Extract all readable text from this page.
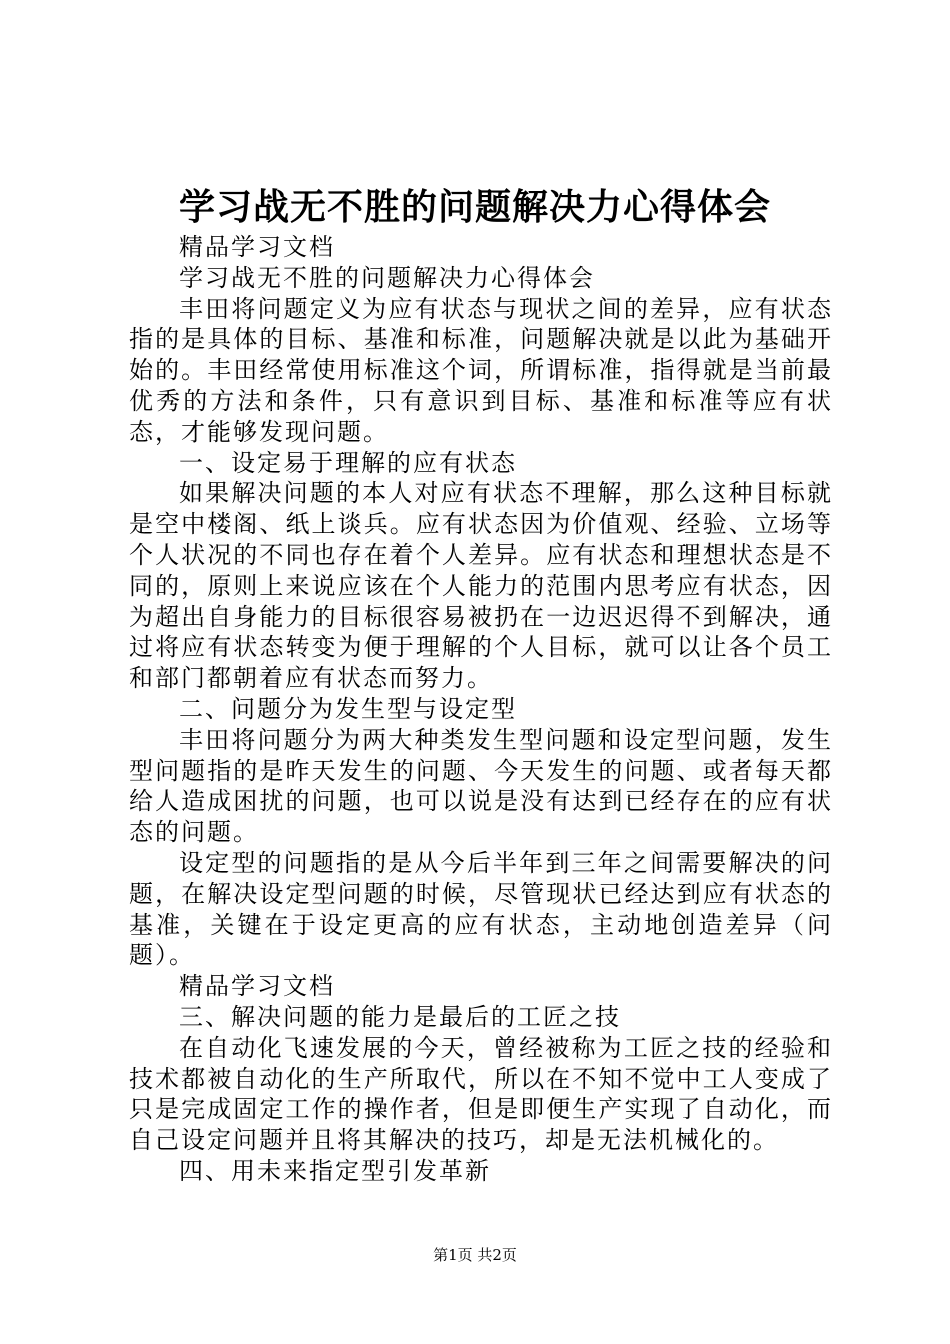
学习战无不胜的问题解决力心得体会

精品学习文档

学习战无不胜的问题解决力心得体会

丰田将问题定义为应有状态与现状之间的差异，应有状态指的是具体的目标、基准和标准，问题解决就是以此为基础开始的。丰田经常使用标准这个词，所谓标准，指得就是当前最优秀的方法和条件，只有意识到目标、基准和标准等应有状态，才能够发现问题。

一、设定易于理解的应有状态

如果解决问题的本人对应有状态不理解，那么这种目标就是空中楼阁、纸上谈兵。应有状态因为价值观、经验、立场等个人状况的不同也存在着个人差异。应有状态和理想状态是不同的，原则上来说应该在个人能力的范围内思考应有状态，因为超出自身能力的目标很容易被扔在一边迟迟得不到解决，通过将应有状态转变为便于理解的个人目标，就可以让各个员工和部门都朝着应有状态而努力。

二、问题分为发生型与设定型

丰田将问题分为两大种类发生型问题和设定型问题，发生型问题指的是昨天发生的问题、今天发生的问题、或者每天都给人造成困扰的问题，也可以说是没有达到已经存在的应有状态的问题。

设定型的问题指的是从今后半年到三年之间需要解决的问题，在解决设定型问题的时候，尽管现状已经达到应有状态的基准，关键在于设定更高的应有状态，主动地创造差异（问题）。

精品学习文档

三、解决问题的能力是最后的工匠之技

在自动化飞速发展的今天，曾经被称为工匠之技的经验和技术都被自动化的生产所取代，所以在不知不觉中工人变成了只是完成固定工作的操作者，但是即便生产实现了自动化，而自己设定问题并且将其解决的技巧，却是无法机械化的。

四、用未来指定型引发革新

第1页 共2页
